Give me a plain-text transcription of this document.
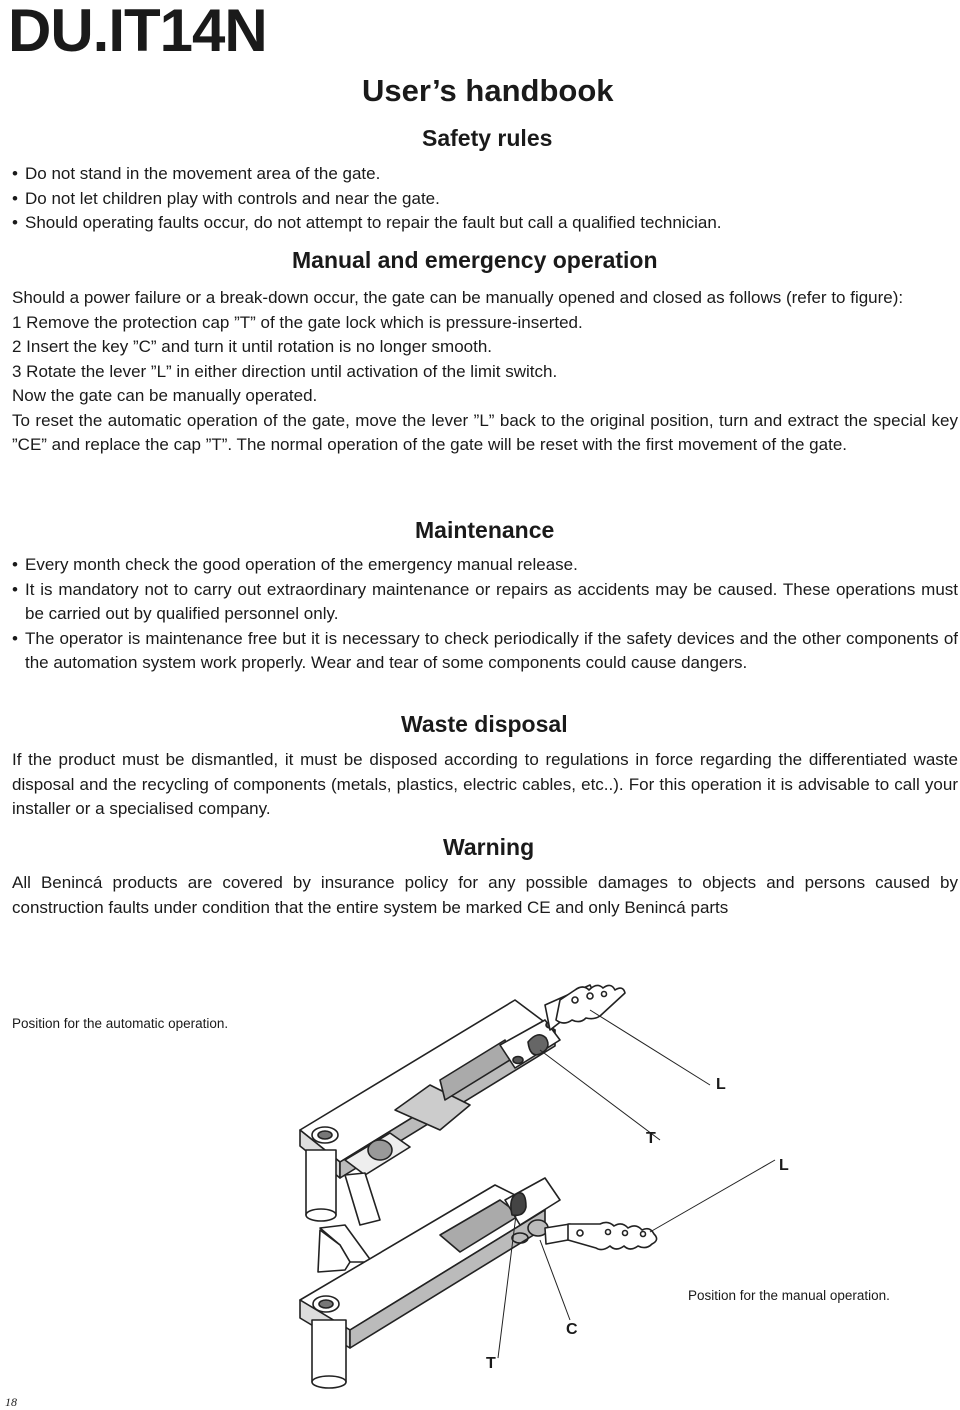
DU.IT14N
User’s handbook
Safety rules

• Do not stand in the movement area of the gate.

• Do not let children play with controls and near the gate.

• Should operating faults occur, do not attempt to repair the fault but call a qualified technician.

Manual and emergency operation

Should a power failure or a break-down occur, the gate can be manually opened and closed as follows (refer to figure):

1 Remove the protection cap ”T” of the gate lock which is pressure-inserted.

2 Insert the key ”C” and turn it until rotation is no longer smooth.

3 Rotate the lever ”L” in either direction until activation of the limit switch.

Now the gate can be manually operated.

To reset the automatic operation of the gate, move the lever ”L” back to the original position, turn and extract the special key ”CE” and replace the cap ”T”. The normal operation of the gate will be reset with the first movement of the gate.

Maintenance

• Every month check the good operation of the emergency manual release.

• It is mandatory not to carry out extraordinary maintenance or repairs as accidents may be caused. These operations must be carried out by qualified personnel only.

• The operator is maintenance free but it is necessary to check periodically if the safety devices and the other components of the automation system work properly. Wear and tear of some components could cause dangers.

Waste disposal
If the product must be dismantled, it must be disposed according to regulations in force regarding the differentiated waste disposal and the recycling of components (metals, plastics, electric cables, etc..). For this operation it is advisable to call your installer or a specialised company.
Warning
All Benincá products are covered by insurance policy for any possible damages to objects and persons caused by construction faults under condition that the entire system be marked CE and only Benincá parts
Position for the automatic operation.
Position for the manual operation.
L
T
L
C
T
18
